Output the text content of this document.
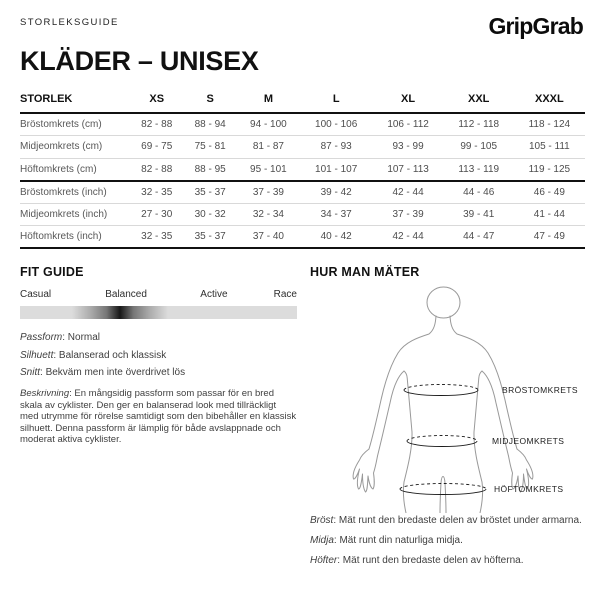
STORLEKSGUIDE	GripGrab
KLÄDER – UNISEX
STORLEK	XS	S	M	L	XL	XXL	XXXL
Bröstomkrets (cm)	82 - 88	88 - 94	94 - 100	100 - 106	106 - 112	112 - 118	118 - 124
Midjeomkrets (cm)	69 - 75	75 - 81	81 - 87	87 - 93	93 - 99	99 - 105	105 - 111
Höftomkrets (cm)	82 - 88	88 - 95	95 - 101	101 - 107	107 - 113	113 - 119	119 - 125
Bröstomkrets (inch)	32 - 35	35 - 37	37 - 39	39 - 42	42 - 44	44 - 46	46 - 49
Midjeomkrets (inch)	27 - 30	30 - 32	32 - 34	34 - 37	37 - 39	39 - 41	41 - 44
Höftomkrets (inch)	32 - 35	35 - 37	37 - 40	40 - 42	42 - 44	44 - 47	47 - 49
FIT GUIDE
Casual	Balanced	Active	Race

Passform : Normal

Silhuett : Balanserad och klassisk

Snitt : Bekväm men inte överdrivet lös

Beskrivning : En mångsidig passform som passar för en bred skala av cyklister. Den ger en balanserad look med tillräckligt med utrymme för rörelse samtidigt som den bibehåller en klassisk silhuett. Denna passform är lämplig för både avslappnade och moderat aktiva cyklister.

HUR MAN MÄTER
BRÖSTOMKRETS
MIDJEOMKRETS
HÖFTOMKRETS

Bröst : Mät runt den bredaste delen av bröstet under armarna.

Midja : Mät runt din naturliga midja.

Höfter : Mät runt den bredaste delen av höfterna.
